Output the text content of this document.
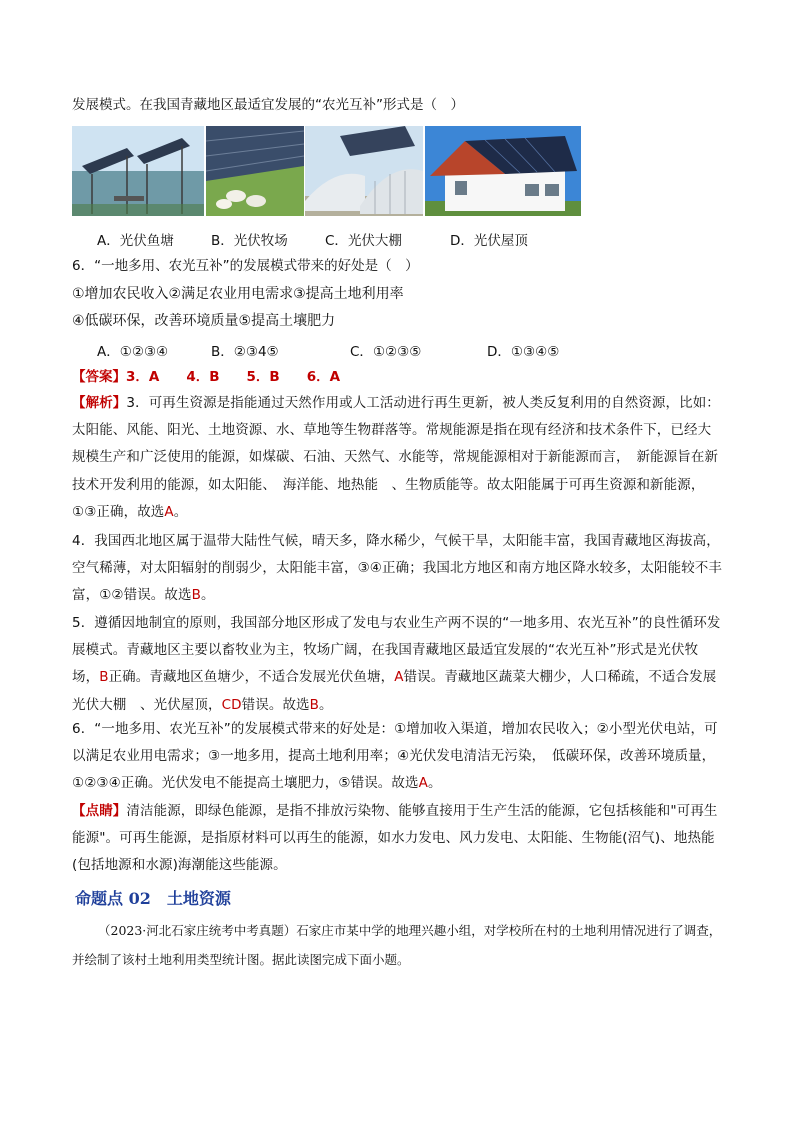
发展模式。在我国青藏地区最适宜发展的“农光互补”形式是（　）
A．光伏鱼塘	B．光伏牧场	C．光伏大棚	D．光伏屋顶
6．“一地多用、农光互补”的发展模式带来的好处是（　）
①增加农民收入②满足农业用电需求③提高土地利用率
④低碳环保，改善环境质量⑤提高土壤肥力
A．①②③④	B．②③4⑤	C．①②③⑤	D．①③④⑤
【答案】3．A　　4．B　　5．B　　6．A
【解析】3．可再生资源是指能通过天然作用或人工活动进行再生更新，被人类反复利用的自然资源，比如：太阳能、风能、阳光、土地资源、水、草地等生物群落等。常规能源是指在现有经济和技术条件下，已经大规模生产和广泛使用的能源，如煤碳、石油、天然气、水能等，常规能源相对于新能源而言，　新能源旨在新技术开发利用的能源，如太阳能、　海洋能、地热能　、生物质能等。故太阳能属于可再生资源和新能源，①③正确，故选A。
4．我国西北地区属于温带大陆性气候，晴天多，降水稀少，气候干旱，太阳能丰富，我国青藏地区海拔高，空气稀薄，对太阳辐射的削弱少，太阳能丰富，③④正确；我国北方地区和南方地区降水较多，太阳能较不丰富，①②错误。故选B。
5．遵循因地制宜的原则，我国部分地区形成了发电与农业生产两不误的“一地多用、农光互补”的良性循环发展模式。青藏地区主要以畜牧业为主，牧场广阔，在我国青藏地区最适宜发展的“农光互补”形式是光伏牧场，B正确。青藏地区鱼塘少，不适合发展光伏鱼塘，A错误。青藏地区蔬菜大棚少，人口稀疏，不适合发展光伏大棚　、光伏屋顶，CD错误。故选B。
6．“一地多用、农光互补”的发展模式带来的好处是：①增加收入渠道，增加农民收入；②小型光伏电站，可以满足农业用电需求；③一地多用，提高土地利用率；④光伏发电清洁无污染，　低碳环保，改善环境质量，①②③④正确。光伏发电不能提高土壤肥力，⑤错误。故选A。
【点睛】清洁能源，即绿色能源，是指不排放污染物、能够直接用于生产生活的能源，它包括核能和"可再生能源"。可再生能源，是指原材料可以再生的能源，如水力发电、风力发电、太阳能、生物能(沼气)、地热能(包括地源和水源)海潮能这些能源。
命题点 02　土地资源
（2023·河北石家庄统考中考真题）石家庄市某中学的地理兴趣小组，对学校所在村的土地利用情况进行了调查，并绘制了该村土地利用类型统计图。据此读图完成下面小题。
